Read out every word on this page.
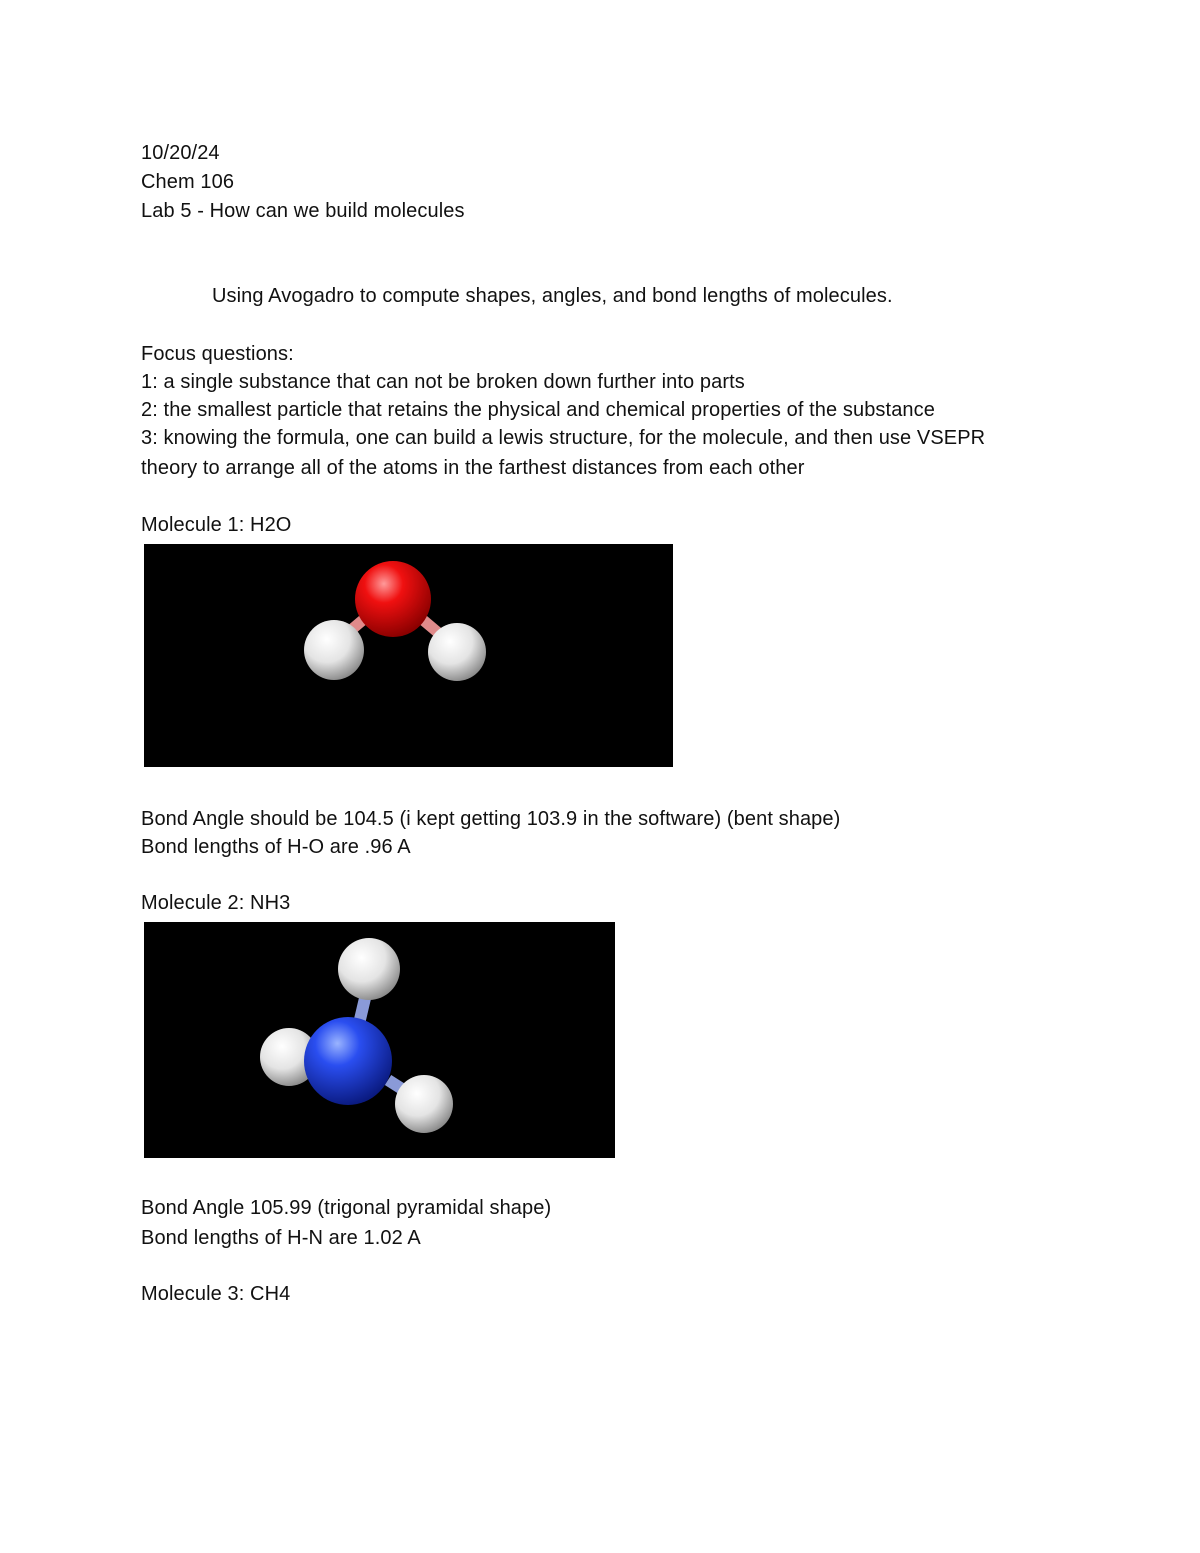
10/20/24
Chem 106
Lab 5 - How can we build molecules
Using Avogadro to compute shapes, angles, and bond lengths of molecules.
Focus questions:
1: a single substance that can not be broken down further into parts
2: the smallest particle that retains the physical and chemical properties of the substance
3: knowing the formula, one can build a lewis structure, for the molecule, and then use VSEPR
theory to arrange all of the atoms in the farthest distances from each other
Molecule 1: H2O
Bond Angle should be 104.5 (i kept getting 103.9 in the software) (bent shape)
Bond lengths of H-O are .96 A
Molecule 2: NH3
Bond Angle 105.99 (trigonal pyramidal shape)
Bond lengths of H-N are 1.02 A
Molecule 3: CH4
